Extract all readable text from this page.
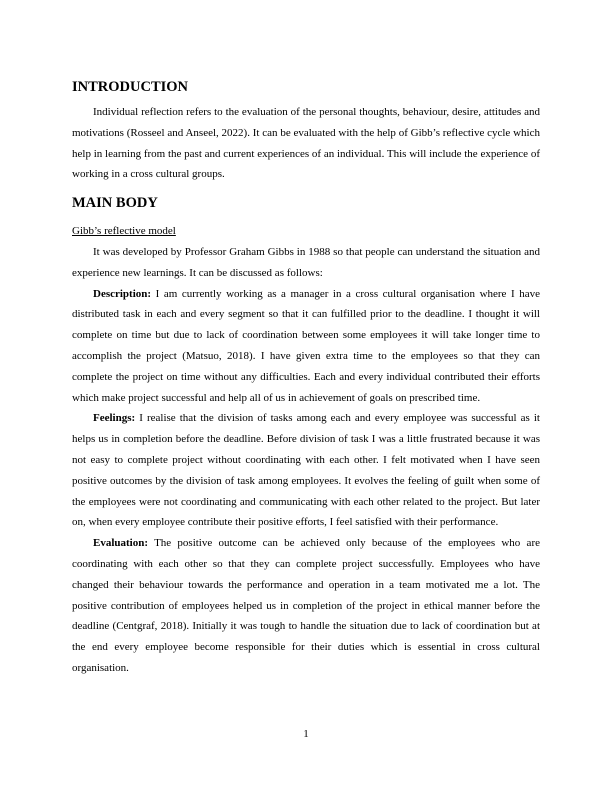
INTRODUCTION

Individual reflection refers to the evaluation of the personal thoughts, behaviour, desire, attitudes and motivations (Rosseel and Anseel, 2022). It can be evaluated with the help of Gibb’s reflective cycle which help in learning from the past and current experiences of an individual. This will include the experience of working in a cross cultural groups.

MAIN BODY

Gibb’s reflective model

It was developed by Professor Graham Gibbs in 1988 so that people can understand the situation and experience new learnings. It can be discussed as follows:

Description: I am currently working as a manager in a cross cultural organisation where I have distributed task in each and every segment so that it can fulfilled prior to the deadline. I thought it will complete on time but due to lack of coordination between some employees it will take longer time to accomplish the project (Matsuo, 2018). I have given extra time to the employees so that they can complete the project on time without any difficulties. Each and every individual contributed their efforts which make project successful and help all of us in achievement of goals on prescribed time.

Feelings: I realise that the division of tasks among each and every employee was successful as it helps us in completion before the deadline. Before division of task I was a little frustrated because it was not easy to complete project without coordinating with each other. I felt motivated when I have seen positive outcomes by the division of task among employees. It evolves the feeling of guilt when some of the employees were not coordinating and communicating with each other related to the project. But later on, when every employee contribute their positive efforts, I feel satisfied with their performance.

Evaluation: The positive outcome can be achieved only because of the employees who are coordinating with each other so that they can complete project successfully. Employees who have changed their behaviour towards the performance and operation in a team motivated me a lot. The positive contribution of employees helped us in completion of the project in ethical manner before the deadline (Centgraf, 2018). Initially it was tough to handle the situation due to lack of coordination but at the end every employee become responsible for their duties which is essential in cross cultural organisation.

1
